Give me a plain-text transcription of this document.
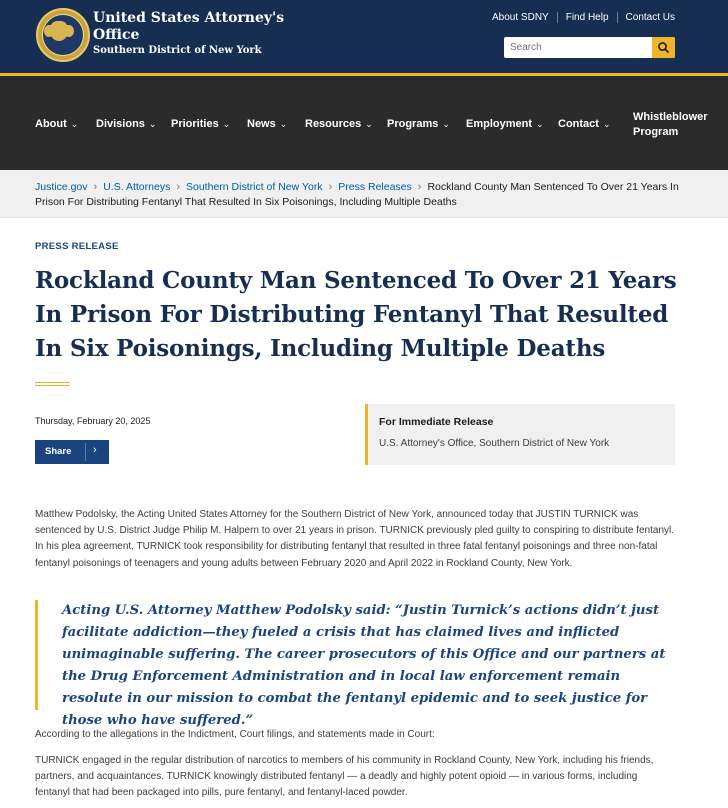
United States Attorney's Office
Southern District of New York
About SDNY	Find Help	Contact Us
Search
About ⌄ Divisions ⌄ Priorities ⌄ News ⌄ Resources ⌄ Programs ⌄ Employment ⌄ Contact ⌄
Whistleblower Program
Justice.gov › U.S. Attorneys › Southern District of New York › Press Releases › Rockland County Man Sentenced To Over 21 Years In Prison For Distributing Fentanyl That Resulted In Six Poisonings, Including Multiple Deaths
PRESS RELEASE
Rockland County Man Sentenced To Over 21 Years In Prison For Distributing Fentanyl That Resulted In Six Poisonings, Including Multiple Deaths
Thursday, February 20, 2025
Share ›
For Immediate Release
U.S. Attorney's Office, Southern District of New York

Matthew Podolsky, the Acting United States Attorney for the Southern District of New York, announced today that JUSTIN TURNICK was sentenced by U.S. District Judge Philip M. Halpern to over 21 years in prison. TURNICK previously pled guilty to conspiring to distribute fentanyl. In his plea agreement, TURNICK took responsibility for distributing fentanyl that resulted in three fatal fentanyl poisonings and three non-fatal fentanyl poisonings of teenagers and young adults between February 2020 and April 2022 in Rockland County, New York.

Acting U.S. Attorney Matthew Podolsky said: “Justin Turnick’s actions didn’t just facilitate addiction—they fueled a crisis that has claimed lives and inflicted unimaginable suffering. The career prosecutors of this Office and our partners at the Drug Enforcement Administration and in local law enforcement remain resolute in our mission to combat the fentanyl epidemic and to seek justice for those who have suffered.”

According to the allegations in the Indictment, Court filings, and statements made in Court:

TURNICK engaged in the regular distribution of narcotics to members of his community in Rockland County, New York, including his friends, partners, and acquaintances. TURNICK knowingly distributed fentanyl — a deadly and highly potent opioid — in various forms, including fentanyl that had been packaged into pills, pure fentanyl, and fentanyl-laced powder.
